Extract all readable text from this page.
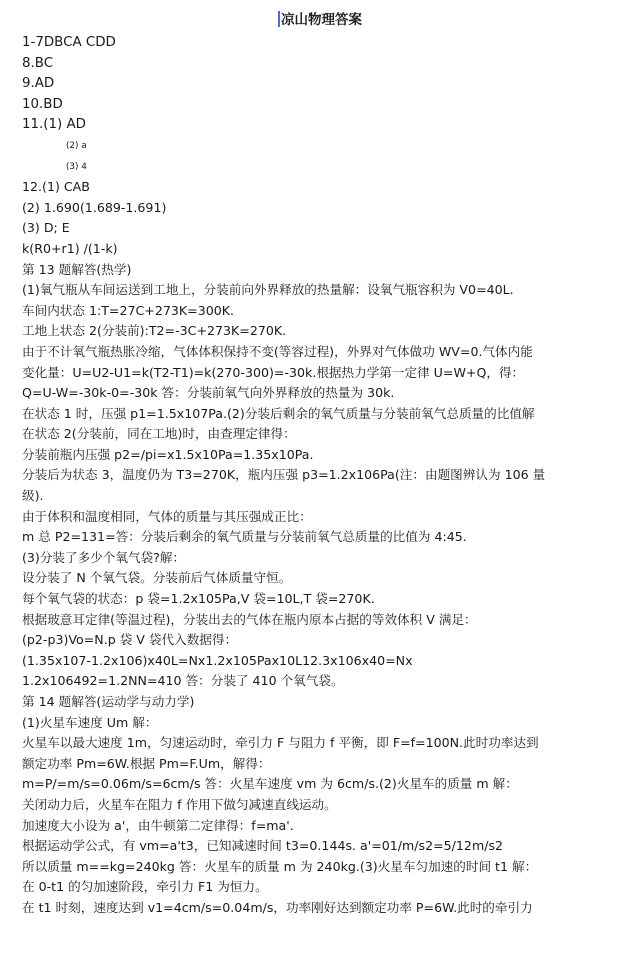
凉山物理答案
1-7DBCA CDD
8.BC
9.AD
10.BD
11.(1) AD
(2) a
(3) 4
12.(1) CAB
(2) 1.690(1.689-1.691)
(3) D; E
k(R0+r1) /(1-k)
第 13 题解答(热学)
(1)氧气瓶从车间运送到工地上，分装前向外界释放的热量解：设氧气瓶容积为 V0=40L.
车间内状态 1:T=27C+273K=300K.
工地上状态 2(分装前):T2=-3C+273K=270K.
由于不计氧气瓶热胀冷缩，气体体积保持不变(等容过程)，外界对气体做功 WV=0.气体内能
变化量：U=U2-U1=k(T2-T1)=k(270-300)=-30k.根据热力学第一定律 U=W+Q，得：
Q=U-W=-30k-0=-30k 答：分装前氧气向外界释放的热量为 30k.
在状态 1 时，压强 p1=1.5x107Pa.(2)分装后剩余的氧气质量与分装前氧气总质量的比值解
在状态 2(分装前，同在工地)时，由查理定律得：
分装前瓶内压强 p2=/pi=x1.5x10Pa=1.35x10Pa.
分装后为状态 3，温度仍为 T3=270K，瓶内压强 p3=1.2x106Pa(注：由题图辨认为 106 量
级).
由于体积和温度相同，气体的质量与其压强成正比：
m 总 P2=131=答：分装后剩余的氧气质量与分装前氧气总质量的比值为 4:45.
(3)分装了多少个氧气袋?解：
设分装了 N 个氧气袋。分装前后气体质量守恒。
每个氧气袋的状态：p 袋=1.2x105Pa,V 袋=10L,T 袋=270K.
根据玻意耳定律(等温过程)，分装出去的气体在瓶内原本占据的等效体积 V 满足：
(p2-p3)Vo=N.p 袋 V 袋代入数据得：
(1.35x107-1.2x106)x40L=Nx1.2x105Pax10L12.3x106x40=Nx
1.2x106492=1.2NN=410 答：分装了 410 个氧气袋。
第 14 题解答(运动学与动力学)
(1)火星车速度 Um 解：
火星车以最大速度 1m，匀速运动时，牵引力 F 与阻力 f 平衡，即 F=f=100N.此时功率达到
额定功率 Pm=6W.根据 Pm=F.Um，解得：
m=P/=m/s=0.06m/s=6cm/s 答：火星车速度 vm 为 6cm/s.(2)火星车的质量 m 解：
关闭动力后，火星车在阻力 f 作用下做匀减速直线运动。
加速度大小设为 a'，由牛顿第二定律得：f=ma'.
根据运动学公式，有 vm=a't3，已知减速时间 t3=0.144s. a'=01/m/s2=5/12m/s2
所以质量 m==kg=240kg 答：火星车的质量 m 为 240kg.(3)火星车匀加速的时间 t1 解：
在 0-t1 的匀加速阶段，牵引力 F1 为恒力。
在 t1 时刻，速度达到 v1=4cm/s=0.04m/s，功率刚好达到额定功率 P=6W.此时的牵引力
